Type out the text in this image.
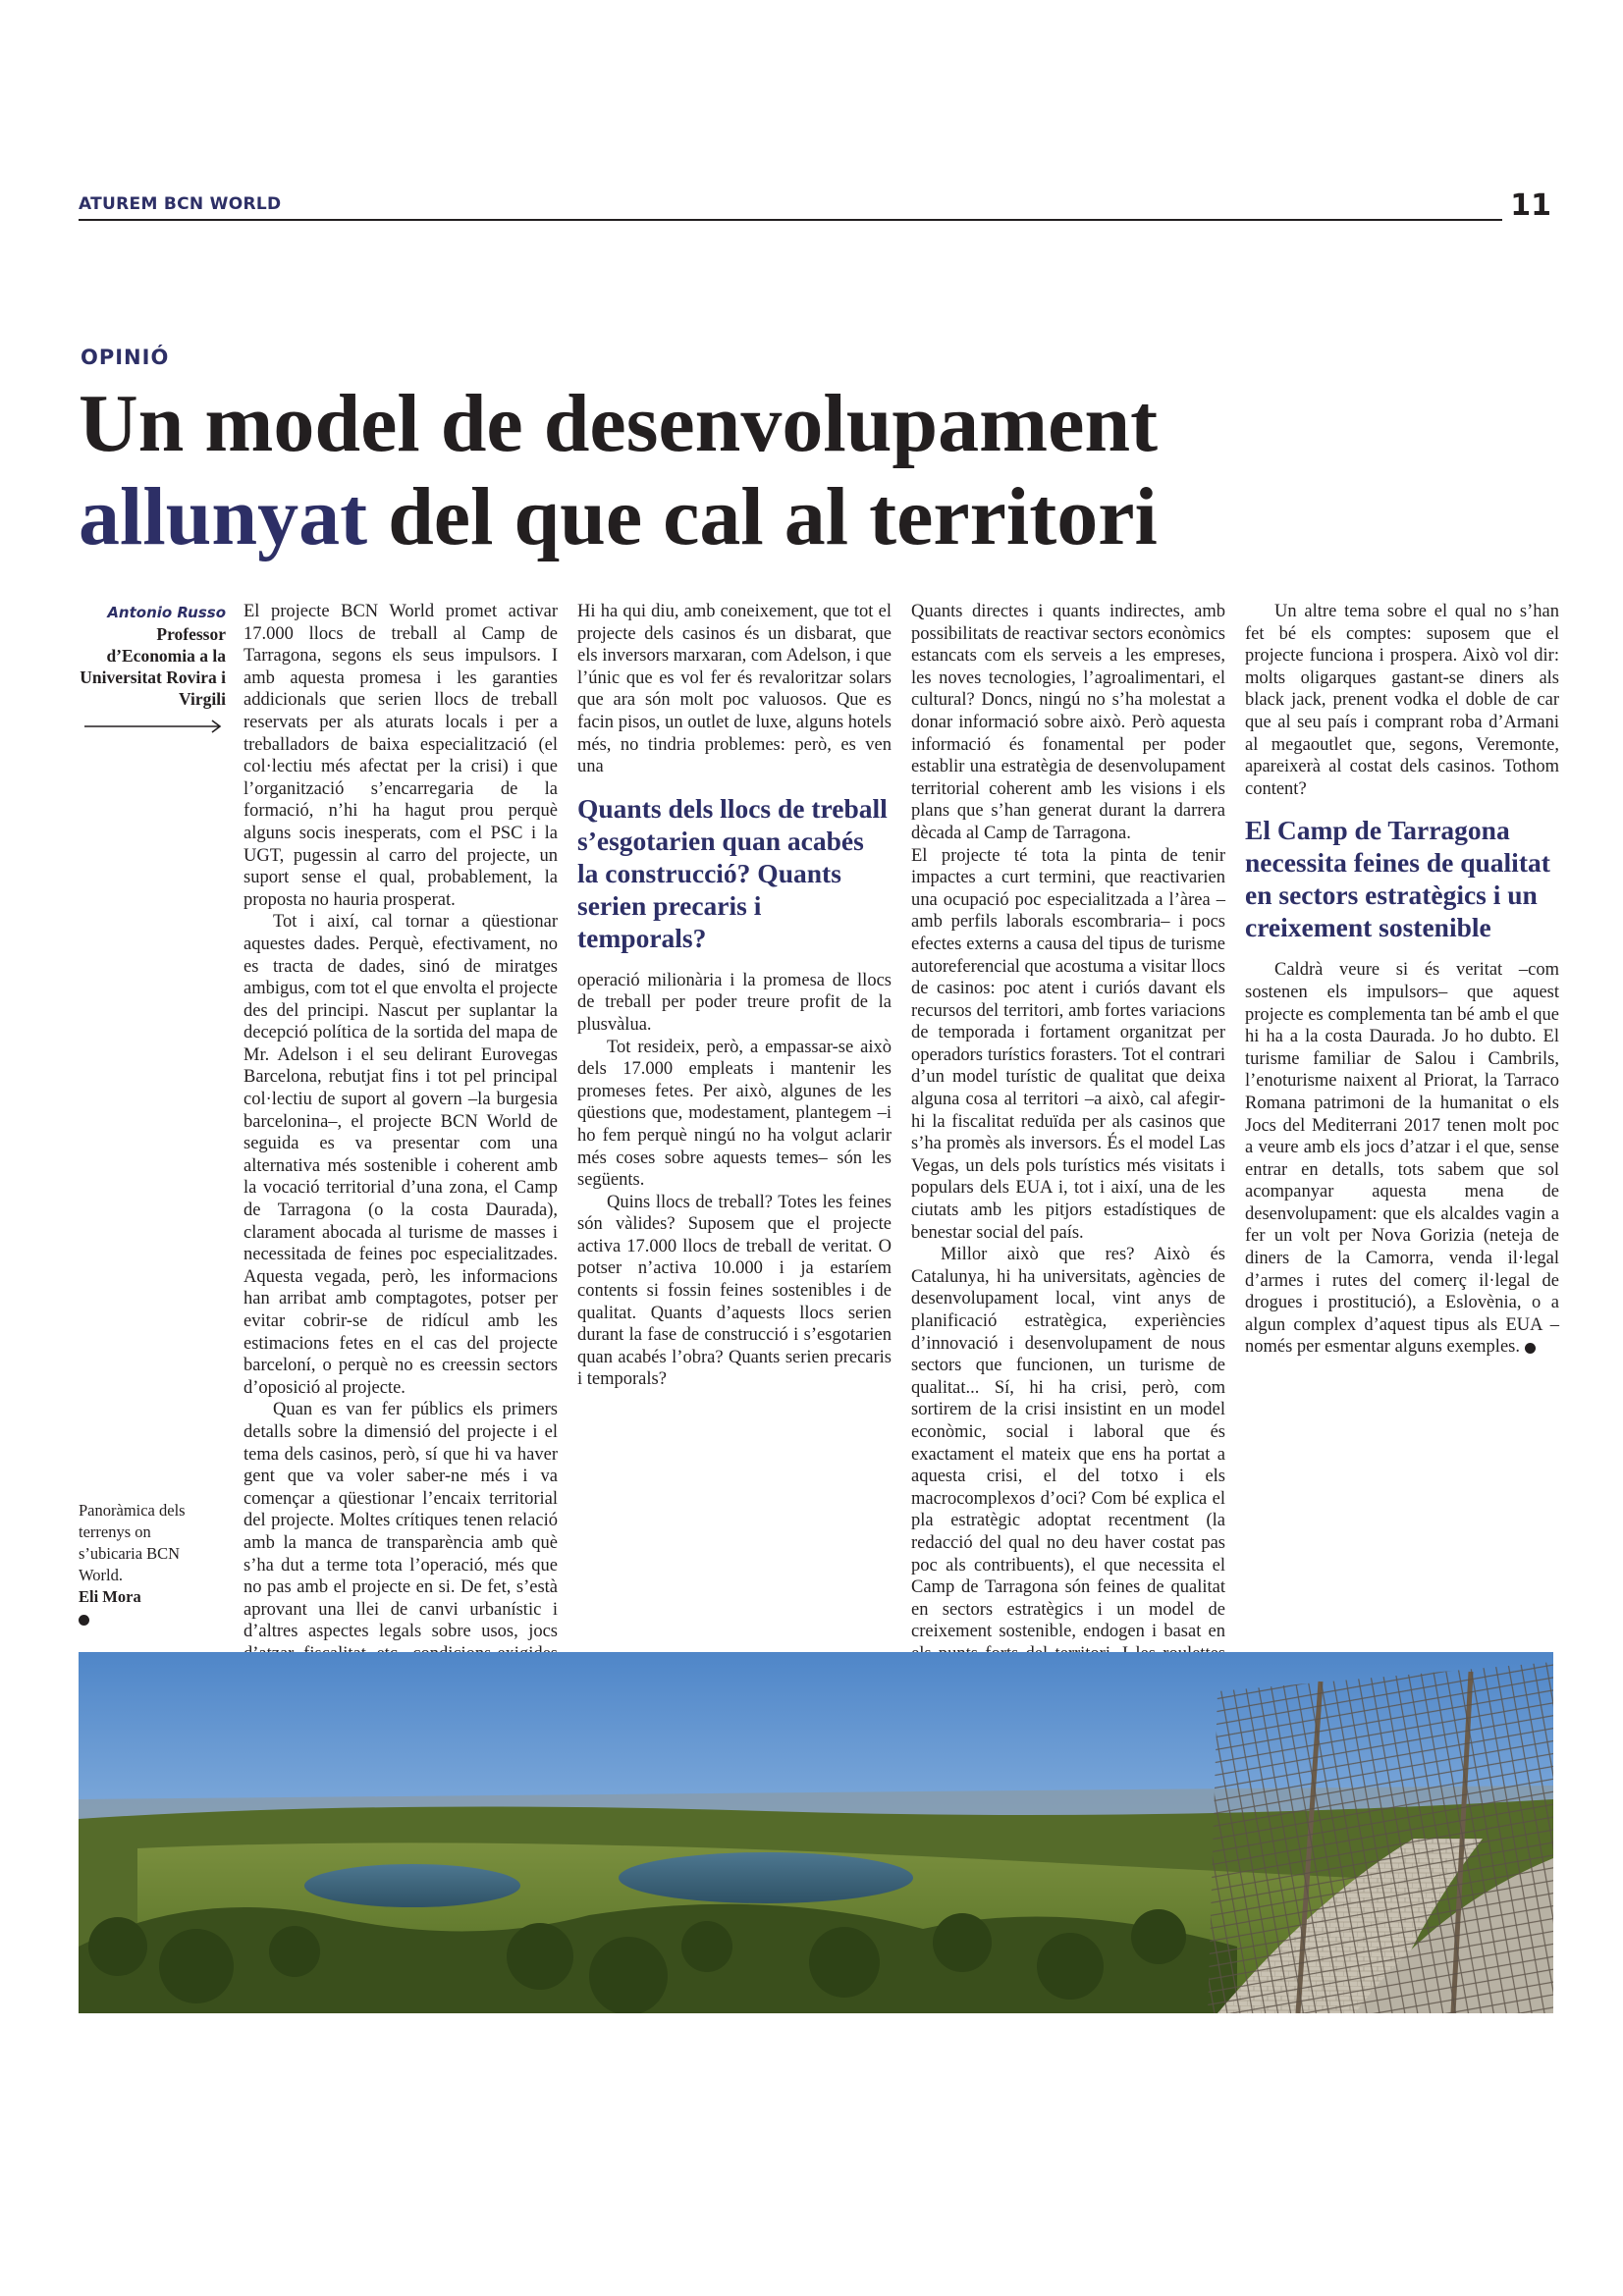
ATUREM BCN WORLD	11
OPINIÓ
Un model de desenvolupament
allunyat del que cal al territori
Antonio Russo
Professor d’Economia a la Universitat Rovira i Virgili
Panoràmica dels terrenys on s’ubicaria BCN World.
Eli Mora

El projecte BCN World promet activar 17.000 llocs de treball al Camp de Tarragona, segons els seus impulsors. I amb aquesta promesa i les garanties addicionals que serien llocs de treball reservats per als aturats locals i per a treballadors de baixa especialització (el col·lectiu més afectat per la crisi) i que l’organització s’encarregaria de la formació, n’hi ha hagut prou perquè alguns socis inesperats, com el PSC i la UGT, pugessin al carro del projecte, un suport sense el qual, probablement, la proposta no hauria prosperat.

Tot i així, cal tornar a qüestionar aquestes dades. Perquè, efectivament, no es tracta de dades, sinó de miratges ambigus, com tot el que envolta el projecte des del principi. Nascut per suplantar la decepció política de la sortida del mapa de Mr. Adelson i el seu delirant Eurovegas Barcelona, rebutjat fins i tot pel principal col·lectiu de suport al govern –la burgesia barcelonina–, el projecte BCN World de seguida es va presentar com una alternativa més sostenible i coherent amb la vocació territorial d’una zona, el Camp de Tarragona (o la costa Daurada), clarament abocada al turisme de masses i necessitada de feines poc especialitzades. Aquesta vegada, però, les informacions han arribat amb comptagotes, potser per evitar cobrir-se de ridícul amb les estimacions fetes en el cas del projecte barceloní, o perquè no es creessin sectors d’oposició al projecte.

Quan es van fer públics els primers detalls sobre la dimensió del projecte i el tema dels casinos, però, sí que hi va haver gent que va voler saber-ne més i va començar a qüestionar l’encaix territorial del projecte. Moltes crítiques tenen relació amb la manca de transparència amb què s’ha dut a terme tota l’operació, més que no pas amb el projecte en si. De fet, s’està aprovant una llei de canvi urbanístic i d’altres aspectes legals sobre usos, jocs

Hi ha qui diu, amb coneixement, que tot el projecte dels casinos és un disbarat, que els inversors marxaran, com Adelson, i que l’únic que es vol fer és revaloritzar solars que ara són molt poc valuosos. Que es facin pisos, un outlet de luxe, alguns hotels més, no tindria problemes: però, es ven una

Quants dels llocs de treball s’esgotarien quan acabés la construcció? Quants serien precaris i temporals?

operació milionària i la promesa de llocs de treball per poder treure profit de la plusvàlua.

Tot resideix, però, a empassar-se això dels 17.000 empleats i mantenir les promeses fetes. Per això, algunes de les qüestions que, modestament, plantegem –i ho fem perquè ningú no ha volgut aclarir més coses sobre aquests temes– són les següents.

Quins llocs de treball? Totes les feines són vàlides? Suposem que el projecte activa 17.000 llocs de treball de veritat. O potser n’activa 10.000 i ja estaríem contents si fossin feines sostenibles i de qualitat. Quants d’aquests llocs serien durant la fase de construcció i s’esgotarien quan acabés l’obra? Quants serien precaris i temporals?

Quants directes i quants indirectes, amb possibilitats de reactivar sectors econòmics estancats com els serveis a les empreses, les noves tecnologies, l’agroalimentari, el cultural? Doncs, ningú no s’ha molestat a donar informació sobre això. Però aquesta informació és fonamental per poder establir una estratègia de desenvolupament territorial coherent amb les visions i els plans que s’han generat durant la darrera dècada al Camp de Tarragona.

El projecte té tota la pinta de tenir impactes a curt termini, que reactivarien una ocupació poc especialitzada a l’àrea –amb perfils laborals escombraria– i pocs efectes externs a causa del tipus de turisme autoreferencial que acostuma a visitar llocs de casinos: poc atent i curiós davant els recursos del territori, amb fortes variacions de temporada i fortament organitzat per operadors turístics forasters. Tot el contrari d’un model turístic de qualitat que deixa alguna cosa al territori –a això, cal afegir-hi la fiscalitat reduïda per als casinos que s’ha promès als inversors. És el model Las Vegas, un dels pols turístics més visitats i populars dels EUA i, tot i així, una de les ciutats amb les pitjors estadístiques de benestar social del país.

Millor això que res? Això és Catalunya, hi ha universitats, agències de desenvolupament local, vint anys de planificació estratègica, experiències d’innovació i desenvolupament de nous sectors que funcionen, un turisme de qualitat... Sí, hi ha crisi, però, com sortirem de la crisi insistint en un model econòmic, social i laboral que és exactament el mateix que ens ha portat a aquesta crisi, el del totxo i els macrocomplexos d’oci? Com bé explica el pla estratègic adoptat recentment (la redacció del qual no deu haver costat pas poc als contribuents), el que necessita el Camp de Tarragona són feines de qualitat en sectors estratègics i un model de creixement sostenible, endogen i basat en

Un altre tema sobre el qual no s’han fet bé els comptes: suposem que el projecte funciona i prospera. Això vol dir: molts oligarques gastant-se diners als black jack, prenent vodka el doble de car que al seu país i comprant roba d’Armani al megaoutlet que, segons, Veremonte, apareixerà al costat dels casinos. Tothom content?

El Camp de Tarragona necessita feines de qualitat en sectors estratègics i un creixement sostenible

Caldrà veure si és veritat –com sostenen els impulsors– que aquest projecte es complementa tan bé amb el que hi ha a la costa Daurada. Jo ho dubto. El turisme familiar de Salou i Cambrils, l’enoturisme naixent al Priorat, la Tarraco Romana patrimoni de la humanitat o els Jocs del Mediterrani 2017 tenen molt poc a veure amb els jocs d’atzar i el que, sense entrar en detalls, tots sabem que sol acompanyar aquesta mena de desenvolupament: que els alcaldes vagin a fer un volt per Nova Gorizia (neteja de diners de la Camorra, venda il·legal d’armes i rutes del comerç il·legal de drogues i prostitució), a Eslovènia, o a algun complex d’aquest tipus als EUA –només per esmentar alguns exemples.
